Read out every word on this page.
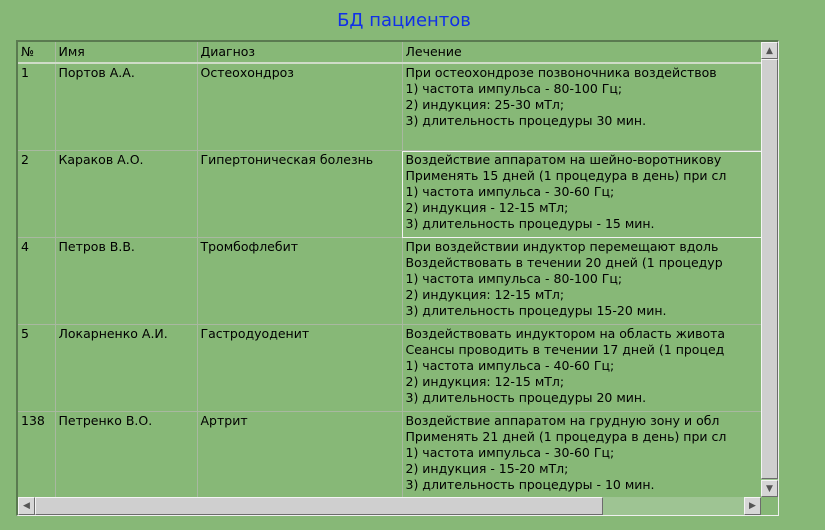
БД пациентов
№	Имя	Диагноз	Лечение
1	Портов А.А.	Остеохондроз	При остеохондрозе позвоночника воздействов
1) частота импульса - 80-100 Гц;
2) индукция: 25-30 мТл;
3) длительность процедуры 30 мин.

2	Караков А.О.	Гипертоническая болезнь	Воздействие аппаратом на шейно-воротникову
Применять 15 дней (1 процедура в день) при сл
1) частота импульса - 30-60 Гц;
2) индукция - 12-15 мТл;
3) длительность процедуры - 15 мин.

4	Петров В.В.	Тромбофлебит	При воздействии индуктор перемещают вдоль
Воздействовать в течении 20 дней (1 процедур
1) частота импульса - 80-100 Гц;
2) индукция: 12-15 мТл;
3) длительность процедуры 15-20 мин.

5	Локарненко А.И.	Гастродуоденит	Воздействовать индуктором на область живота
Сеансы проводить в течении 17 дней (1 процед
1) частота импульса - 40-60 Гц;
2) индукция: 12-15 мТл;
3) длительность процедуры 20 мин.

138	Петренко В.О.	Артрит	Воздействие аппаратом на грудную зону и обл
Применять 21 дней (1 процедура в день) при сл
1) частота импульса - 30-60 Гц;
2) индукция - 15-20 мТл;
3) длительность процедуры - 10 мин.

▲
▼
◀	▶
